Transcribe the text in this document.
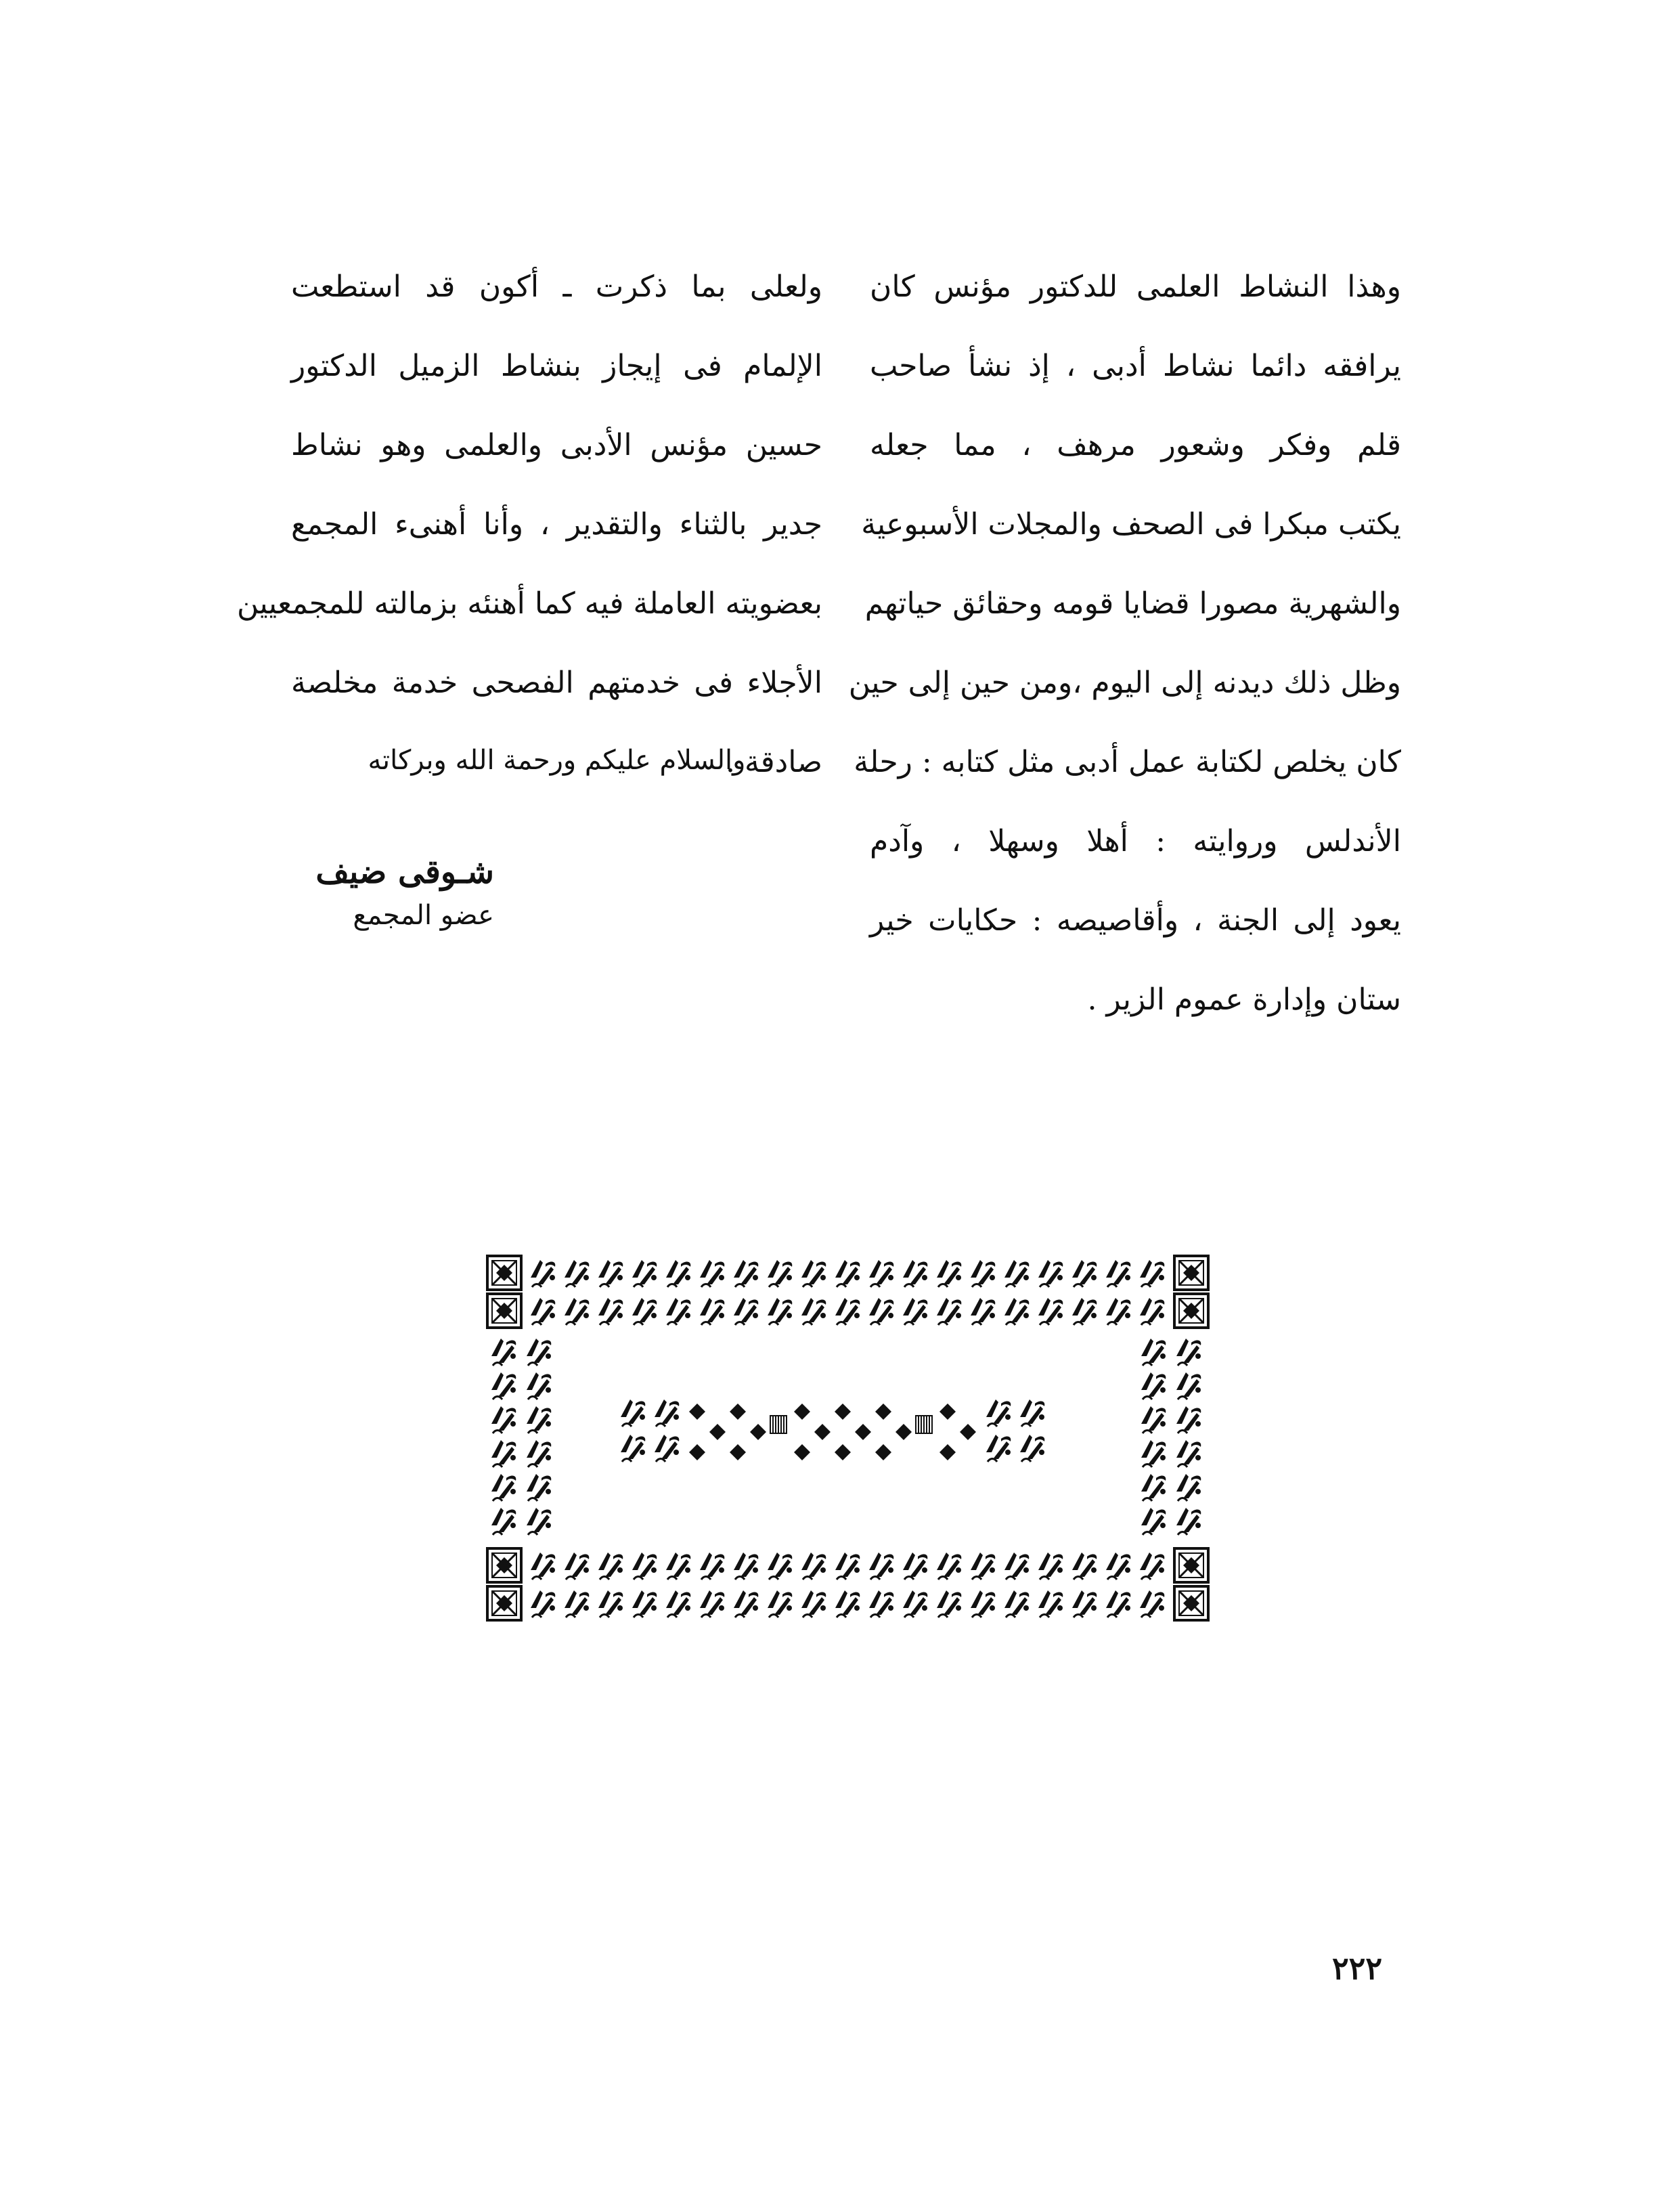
وهذا النشاط العلمى للدكتور مؤنس كان
يرافقه دائما نشاط أدبى ، إذ نشأ صاحب
قلم وفكر وشعور مرهف ، مما جعله
يكتب مبكرا فى الصحف والمجلات الأسبوعية
والشهرية مصورا قضايا قومه وحقائق حياتهم
وظل ذلك ديدنه إلى اليوم ،ومن حين إلى حين
كان يخلص لكتابة عمل أدبى مثل كتابه : رحلة
الأندلس وروايته : أهلا وسهلا ، وآدم
يعود إلى الجنة ، وأقاصيصه : حكايات خير
ستان وإدارة عموم الزير .

ولعلى بما ذكرت ـ أكون قد استطعت
الإلمام فى إيجاز بنشاط الزميل الدكتور
حسين مؤنس الأدبى والعلمى وهو نشاط
جدير بالثناء والتقدير ، وأنا أهنىء المجمع
بعضويته العاملة فيه كما أهنئه بزمالته للمجمعيين
الأجلاء فى خدمتهم الفصحى خدمة مخلصة
صادقة .

والسلام عليكم ورحمة الله وبركاته
شـوقى ضيف
عضو المجمع
٢٢٢
